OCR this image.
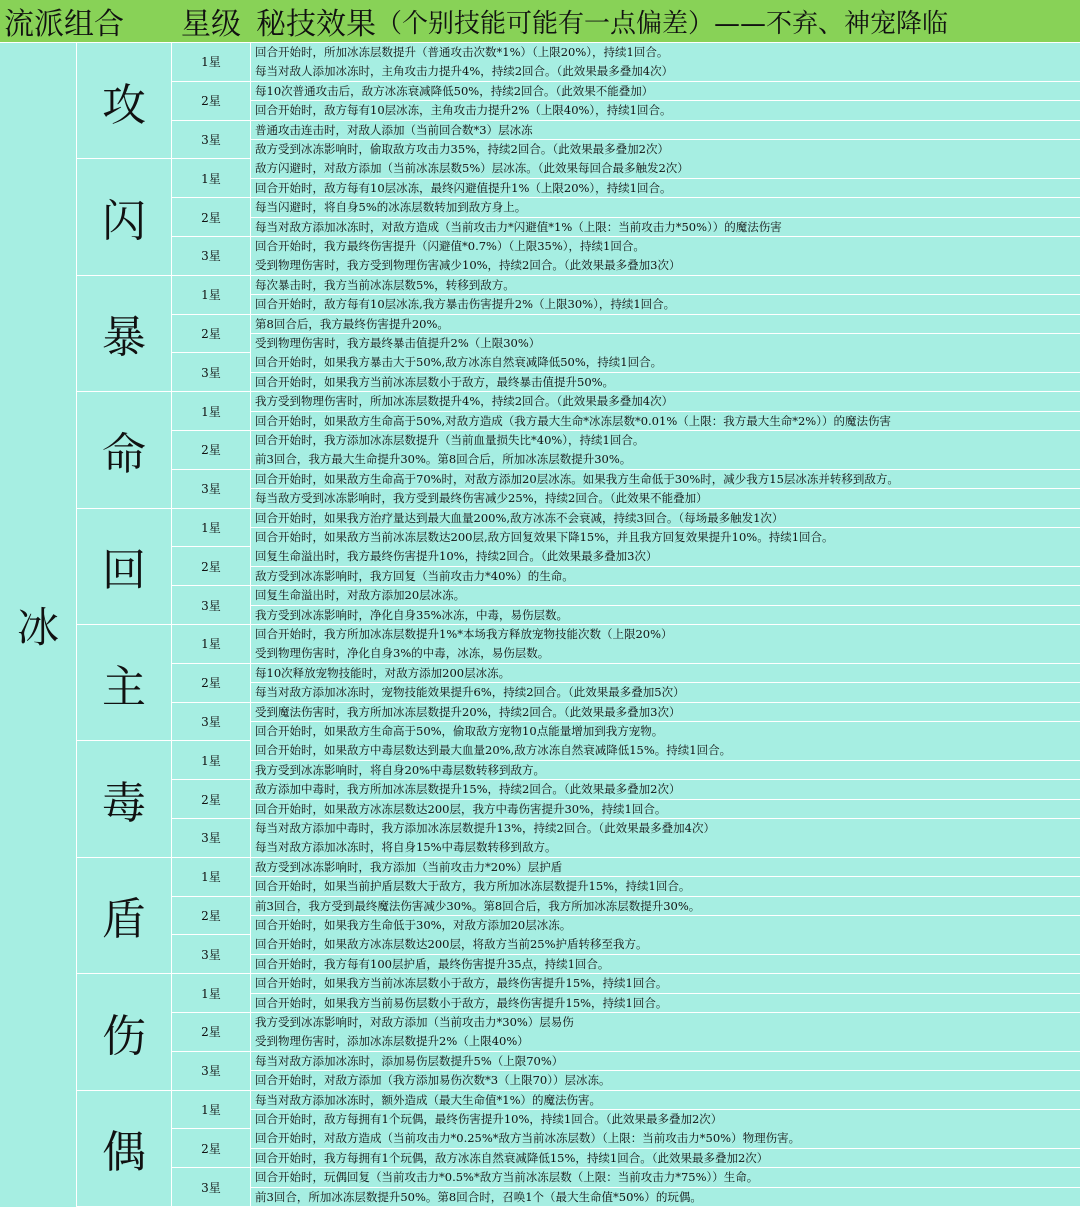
流派组合	星级 秘技效果 （个别技能可能有一点偏差）——不弃、神宠降临
冰
攻
1星
回合开始时，所加冰冻层数提升（普通攻击次数*1%）（上限20%），持续1回合。
每当对敌人添加冰冻时，主角攻击力提升4%，持续2回合。（此效果最多叠加4次）
2星
每10次普通攻击后，敌方冰冻衰减降低50%，持续2回合。（此效果不能叠加）
回合开始时，敌方每有10层冰冻，主角攻击力提升2%（上限40%），持续1回合。
3星
普通攻击连击时，对敌人添加（当前回合数*3）层冰冻
敌方受到冰冻影响时，偷取敌方攻击力35%，持续2回合。（此效果最多叠加2次）
闪
1星
敌方闪避时，对敌方添加（当前冰冻层数5%）层冰冻。（此效果每回合最多触发2次）
回合开始时，敌方每有10层冰冻，最终闪避值提升1%（上限20%），持续1回合。
2星
每当闪避时，将自身5%的冰冻层数转加到敌方身上。
每当对敌方添加冰冻时，对敌方造成（当前攻击力*闪避值*1%（上限：当前攻击力*50%））的魔法伤害
3星
回合开始时，我方最终伤害提升（闪避值*0.7%）（上限35%），持续1回合。
受到物理伤害时，我方受到物理伤害减少10%，持续2回合。（此效果最多叠加3次）
暴
1星
每次暴击时，我方当前冰冻层数5%，转移到敌方。
回合开始时，敌方每有10层冰冻,我方暴击伤害提升2%（上限30%），持续1回合。
2星
第8回合后，我方最终伤害提升20%。
受到物理伤害时，我方最终暴击值提升2%（上限30%）
3星
回合开始时，如果我方暴击大于50%,敌方冰冻自然衰减降低50%，持续1回合。
回合开始时，如果我方当前冰冻层数小于敌方，最终暴击值提升50%。
命
1星
我方受到物理伤害时，所加冰冻层数提升4%，持续2回合。（此效果最多叠加4次）
回合开始时，如果敌方生命高于50%,对敌方造成（我方最大生命*冰冻层数*0.01%（上限：我方最大生命*2%））的魔法伤害
2星
回合开始时，我方添加冰冻层数提升（当前血量损失比*40%），持续1回合。
前3回合，我方最大生命提升30%。第8回合后，所加冰冻层数提升30%。
3星
回合开始时，如果敌方生命高于70%时，对敌方添加20层冰冻。如果我方生命低于30%时，减少我方15层冰冻并转移到敌方。
每当敌方受到冰冻影响时，我方受到最终伤害减少25%，持续2回合。（此效果不能叠加）
回
1星
回合开始时，如果我方治疗量达到最大血量200%,敌方冰冻不会衰减，持续3回合。（每场最多触发1次）
回合开始时，如果敌方当前冰冻层数达200层,敌方回复效果下降15%，并且我方回复效果提升10%。持续1回合。
2星
回复生命溢出时，我方最终伤害提升10%，持续2回合。（此效果最多叠加3次）
敌方受到冰冻影响时，我方回复（当前攻击力*40%）的生命。
3星
回复生命溢出时，对敌方添加20层冰冻。
我方受到冰冻影响时，净化自身35%冰冻，中毒，易伤层数。
主
1星
回合开始时，我方所加冰冻层数提升1%*本场我方释放宠物技能次数（上限20%）
受到物理伤害时，净化自身3%的中毒，冰冻，易伤层数。
2星
每10次释放宠物技能时，对敌方添加200层冰冻。
每当对敌方添加冰冻时，宠物技能效果提升6%，持续2回合。（此效果最多叠加5次）
3星
受到魔法伤害时，我方所加冰冻层数提升20%，持续2回合。（此效果最多叠加3次）
回合开始时，如果敌方生命高于50%，偷取敌方宠物10点能量增加到我方宠物。
毒
1星
回合开始时，如果敌方中毒层数达到最大血量20%,敌方冰冻自然衰减降低15%。持续1回合。
我方受到冰冻影响时，将自身20%中毒层数转移到敌方。
2星
敌方添加中毒时，我方所加冰冻层数提升15%，持续2回合。（此效果最多叠加2次）
回合开始时，如果敌方冰冻层数达200层，我方中毒伤害提升30%，持续1回合。
3星
每当对敌方添加中毒时，我方添加冰冻层数提升13%，持续2回合。（此效果最多叠加4次）
每当对敌方添加冰冻时，将自身15%中毒层数转移到敌方。
盾
1星
敌方受到冰冻影响时，我方添加（当前攻击力*20%）层护盾
回合开始时，如果当前护盾层数大于敌方，我方所加冰冻层数提升15%，持续1回合。
2星
前3回合，我方受到最终魔法伤害减少30%。第8回合后，我方所加冰冻层数提升30%。
回合开始时，如果我方生命低于30%，对敌方添加20层冰冻。
3星
回合开始时，如果敌方冰冻层数达200层，将敌方当前25%护盾转移至我方。
回合开始时，我方每有100层护盾，最终伤害提升35点，持续1回合。
伤
1星
回合开始时，如果我方当前冰冻层数小于敌方，最终伤害提升15%，持续1回合。
回合开始时，如果我方当前易伤层数小于敌方，最终伤害提升15%，持续1回合。
2星
我方受到冰冻影响时，对敌方添加（当前攻击力*30%）层易伤
受到物理伤害时，添加冰冻层数提升2%（上限40%）
3星
每当对敌方添加冰冻时，添加易伤层数提升5%（上限70%）
回合开始时，对敌方添加（我方添加易伤次数*3（上限70））层冰冻。
偶
1星
每当对敌方添加冰冻时，额外造成（最大生命值*1%）的魔法伤害。
回合开始时，敌方每拥有1个玩偶，最终伤害提升10%，持续1回合。（此效果最多叠加2次）
2星
回合开始时，对敌方造成（当前攻击力*0.25%*敌方当前冰冻层数）（上限：当前攻击力*50%）物理伤害。
回合开始时，我方每拥有1个玩偶，敌方冰冻自然衰减降低15%，持续1回合。（此效果最多叠加2次）
3星
回合开始时，玩偶回复（当前攻击力*0.5%*敌方当前冰冻层数（上限：当前攻击力*75%））生命。
前3回合，所加冰冻层数提升50%。第8回合时，召唤1个（最大生命值*50%）的玩偶。
